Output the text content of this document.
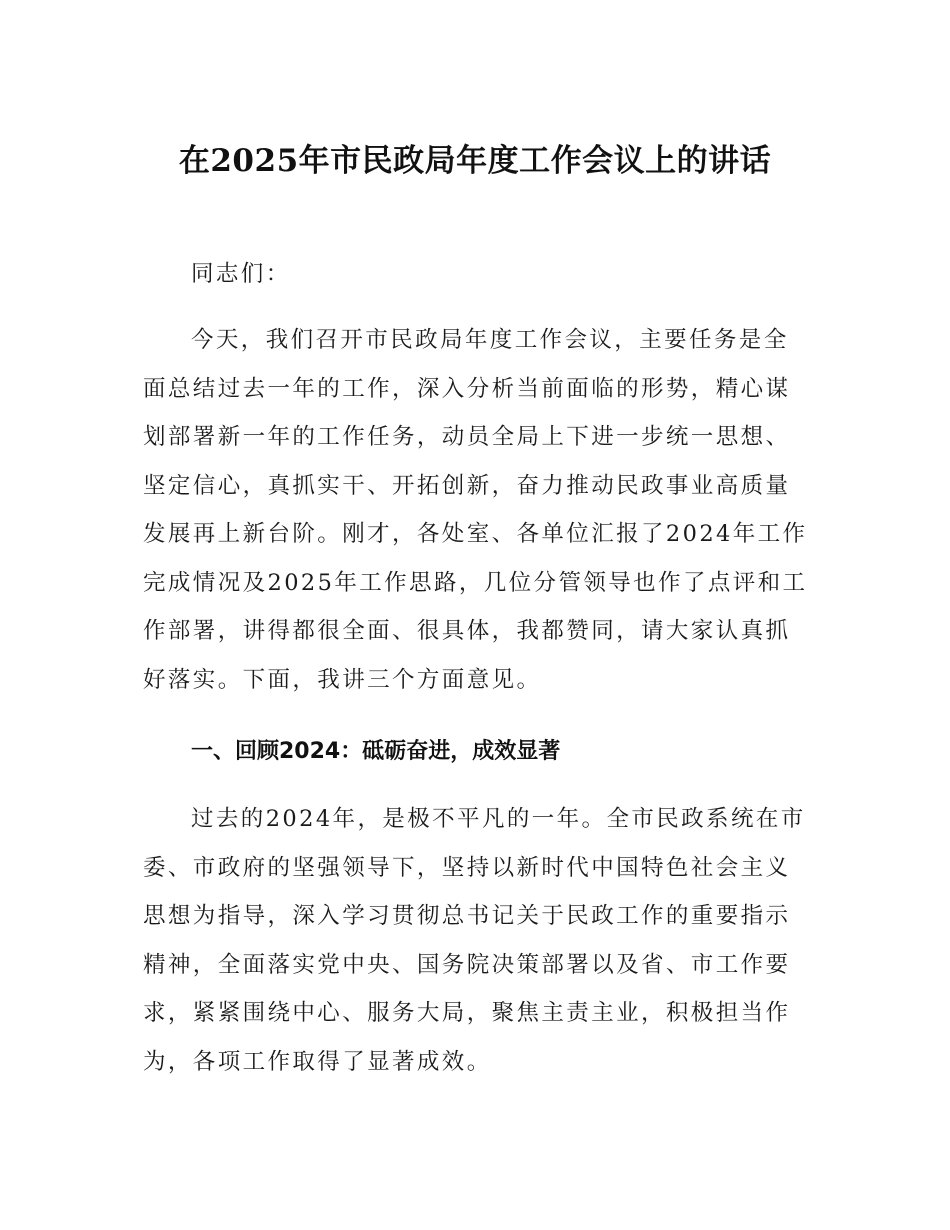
在2025年市民政局年度工作会议上的讲话

同志们：

今天，我们召开市民政局年度工作会议，主要任务是全面总结过去一年的工作，深入分析当前面临的形势，精心谋划部署新一年的工作任务，动员全局上下进一步统一思想、坚定信心，真抓实干、开拓创新，奋力推动民政事业高质量发展再上新台阶。刚才，各处室、各单位汇报了2024年工作完成情况及2025年工作思路，几位分管领导也作了点评和工作部署，讲得都很全面、很具体，我都赞同，请大家认真抓好落实。下面，我讲三个方面意见。

一、回顾2024：砥砺奋进，成效显著

过去的2024年，是极不平凡的一年。全市民政系统在市委、市政府的坚强领导下，坚持以新时代中国特色社会主义思想为指导，深入学习贯彻总书记关于民政工作的重要指示精神，全面落实党中央、国务院决策部署以及省、市工作要求，紧紧围绕中心、服务大局，聚焦主责主业，积极担当作为，各项工作取得了显著成效。
